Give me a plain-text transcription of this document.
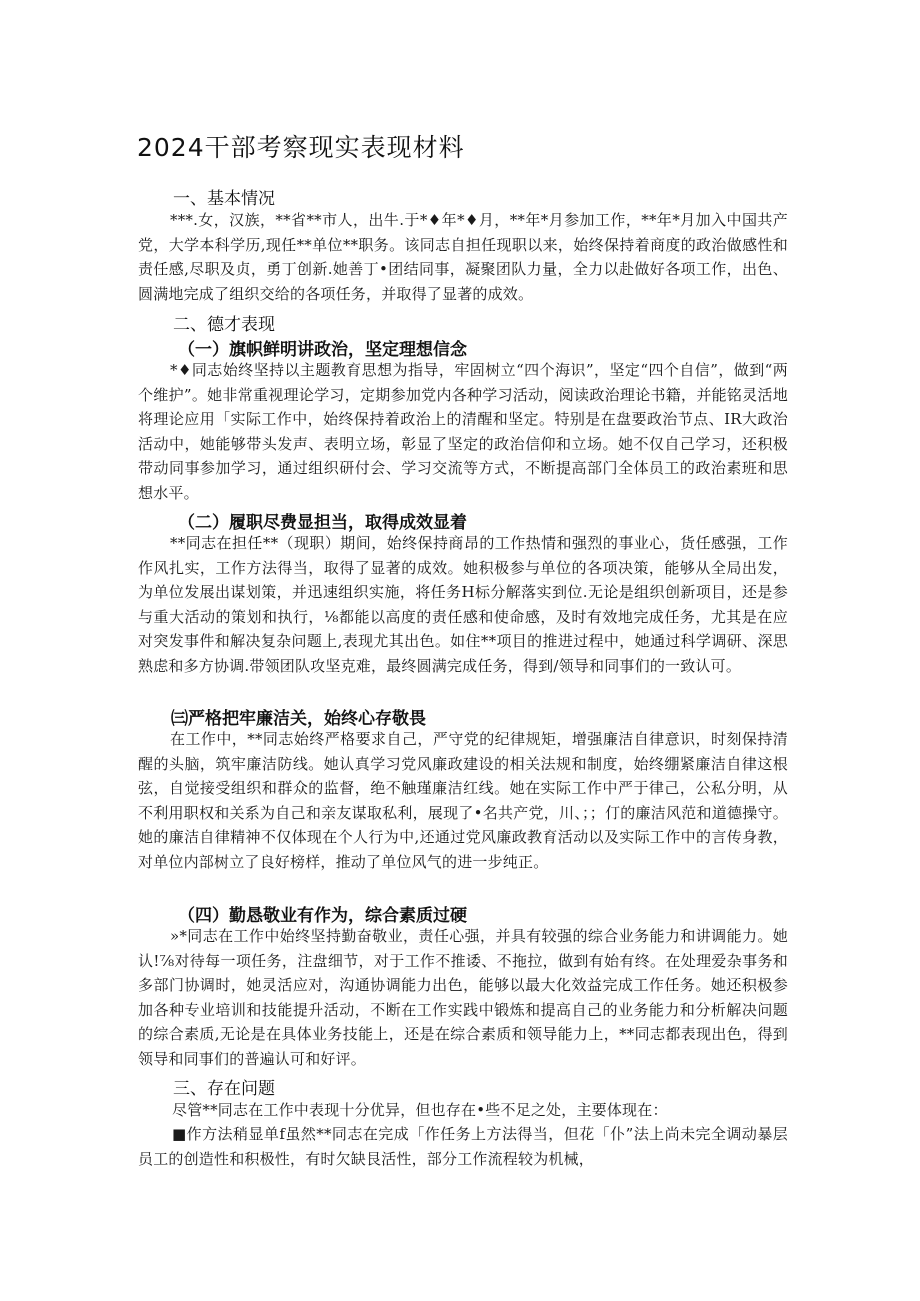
2024干部考察现实表现材料
一、基本情况
***.女，汉族，**省**市人，出牛.于*♦年*♦月，**年*月参加工作，**年*月加入中国共产党，大学本科学历,现任**单位**职务。该同志自担任现职以来，始终保持着商度的政治做感性和责任感,尽职及贞，勇丁创新.她善丁•团结同事，凝聚团队力量，全力以赴做好各项工作，出色、圆满地完成了组织交给的各项任务，并取得了显著的成效。
二、德才表现
（一）旗帜鲜明讲政治，坚定理想信念
*♦同志始终坚持以主题教育思想为指导，牢固树立“四个海识”，坚定“四个自信”，做到“两个维护”。她非常重视理论学习，定期参加党内各种学习活动，阅读政治理论书籍，并能铭灵活地将理论应用「实际工作中，始终保持着政治上的清醒和坚定。特别是在盘要政治节点、IR大政治活动中，她能够带头发声、表明立场，彰显了坚定的政治信仰和立场。她不仅自己学习，还积极带动同事参加学习，通过组织研付会、学习交流等方式，不断提高部门全体员工的政治素班和思想水平。
（二）履职尽费显担当，取得成效显着
**同志在担任**（现职）期间，始终保持商昂的工作热情和强烈的事业心，货任感强，工作作风扎实，工作方法得当，取得了显著的成效。她积极参与单位的各项决策，能够从全局出发，为单位发展出谋划策，并迅速组织实施，将任务H标分解落实到位.无论是组织创新项目，还是参与重大活动的策划和执行，⅛都能以高度的责任感和使命感，及时有效地完成任务，尤其是在应对突发事件和解决复杂问题上,表现尤其出色。如住**项目的推进过程中，她通过科学调研、深思熟虑和多方协调.带领团队攻坚克难，最终圆满完成任务，得到/领导和同事们的一致认可。
㈢严格把牢廉洁关，始终心存敬畏
在工作中，**同志始终严格要求自己，严守党的纪律规矩，增强廉洁自律意识，时刻保持清醒的头脑，筑牢廉洁防线。她认真学习党风廉政建设的相关法规和制度，始终绷紧廉洁自律这根弦，自觉接受组织和群众的监督，绝不触瑾廉洁红线。她在实际工作中严于律己，公私分明，从不利用职权和关系为自己和亲友谋取私利，展现了•名共产党，川、；；仃的廉洁风范和道德操守。她的廉洁自律精神不仅体现在个人行为中,还通过党风廉政教育活动以及实际工作中的言传身教，对单位内部树立了良好榜样，推动了单位风气的进一步纯正。
（四）勤恳敬业有作为，综合素质过硬
»*同志在工作中始终坚持勤奋敬业，责任心强，并具有较强的综合业务能力和讲调能力。她认!⅞对待每一项任务，注盘细节，对于工作不推诿、不拖拉，做到有始有终。在处理爱杂事务和多部门协调时，她灵活应对，沟通协调能力出色，能够以最大化效益完成工作任务。她还积极参加各种专业培训和技能提升活动，不断在工作实践中锻炼和提高自己的业务能力和分析解决问题的综合素质,无论是在具体业务技能上，还是在综合素质和领导能力上，**同志都表现出色，得到领导和同事们的普遍认可和好评。
三、存在问题
尽管**同志在工作中表现十分优异，但也存在•些不足之处，主要体现在：
■作方法稍显单f虽然**同志在完成「作任务上方法得当，但花「仆”法上尚未完全调动暴层员工的创造性和积极性，有时欠缺艮活性，部分工作流程较为机械，
